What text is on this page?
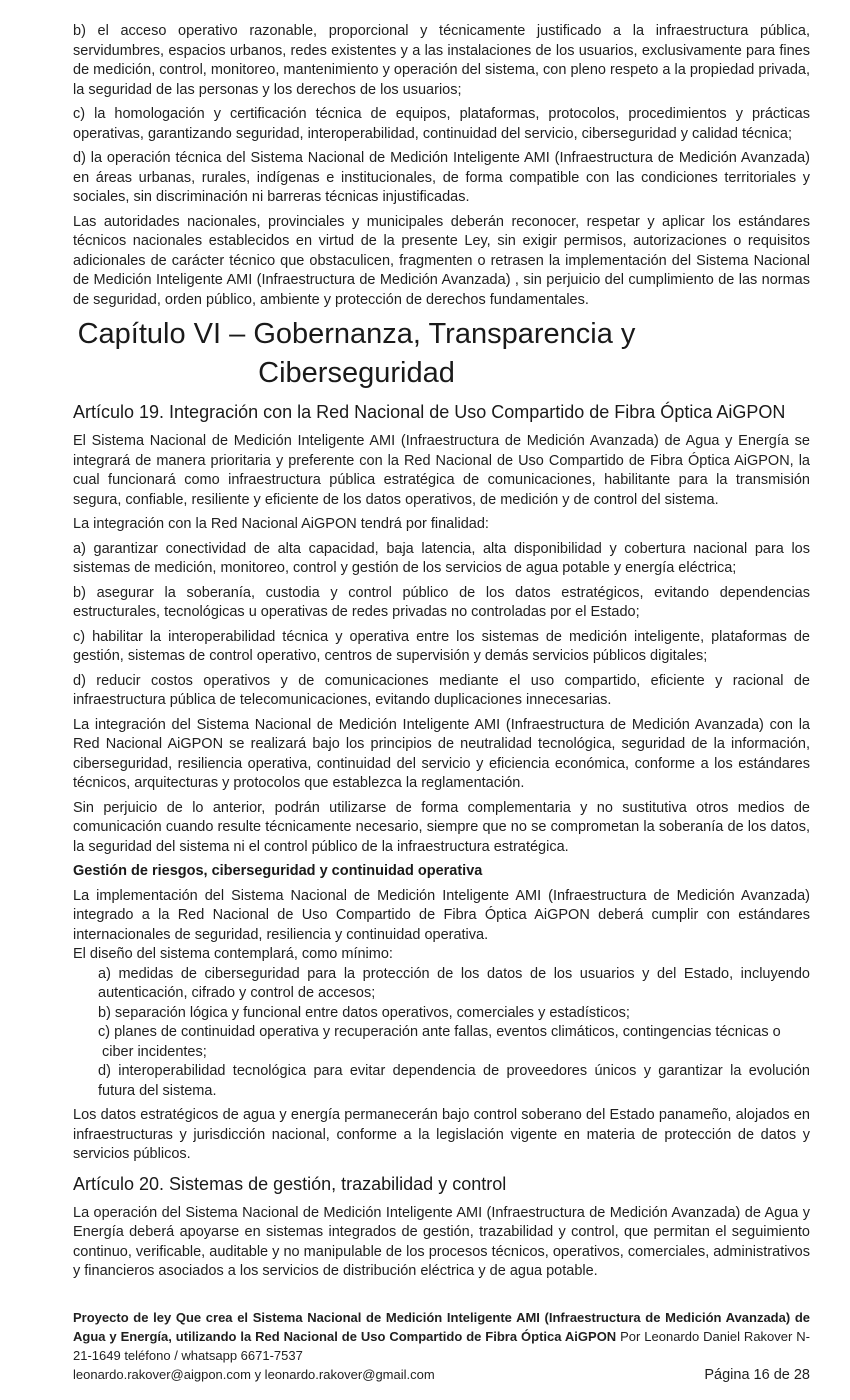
b) el acceso operativo razonable, proporcional y técnicamente justificado a la infraestructura pública, servidumbres, espacios urbanos, redes existentes y a las instalaciones de los usuarios, exclusivamente para fines de medición, control, monitoreo, mantenimiento y operación del sistema, con pleno respeto a la propiedad privada, la seguridad de las personas y los derechos de los usuarios;

c) la homologación y certificación técnica de equipos, plataformas, protocolos, procedimientos y prácticas operativas, garantizando seguridad, interoperabilidad, continuidad del servicio, ciberseguridad y calidad técnica;

d) la operación técnica del Sistema Nacional de Medición Inteligente AMI (Infraestructura de Medición Avanzada) en áreas urbanas, rurales, indígenas e institucionales, de forma compatible con las condiciones territoriales y sociales, sin discriminación ni barreras técnicas injustificadas.

Las autoridades nacionales, provinciales y municipales deberán reconocer, respetar y aplicar los estándares técnicos nacionales establecidos en virtud de la presente Ley, sin exigir permisos, autorizaciones o requisitos adicionales de carácter técnico que obstaculicen, fragmenten o retrasen la implementación del Sistema Nacional de Medición Inteligente AMI (Infraestructura de Medición Avanzada) , sin perjuicio del cumplimiento de las normas de seguridad, orden público, ambiente y protección de derechos fundamentales.

Capítulo VI – Gobernanza, Transparencia y
Ciberseguridad
Artículo 19. Integración con la Red Nacional de Uso Compartido de Fibra Óptica AiGPON

El Sistema Nacional de Medición Inteligente AMI (Infraestructura de Medición Avanzada) de Agua y Energía se integrará de manera prioritaria y preferente con la Red Nacional de Uso Compartido de Fibra Óptica AiGPON, la cual funcionará como infraestructura pública estratégica de comunicaciones, habilitante para la transmisión segura, confiable, resiliente y eficiente de los datos operativos, de medición y de control del sistema.

La integración con la Red Nacional AiGPON tendrá por finalidad:

a) garantizar conectividad de alta capacidad, baja latencia, alta disponibilidad y cobertura nacional para los sistemas de medición, monitoreo, control y gestión de los servicios de agua potable y energía eléctrica;

b) asegurar la soberanía, custodia y control público de los datos estratégicos, evitando dependencias estructurales, tecnológicas u operativas de redes privadas no controladas por el Estado;

c) habilitar la interoperabilidad técnica y operativa entre los sistemas de medición inteligente, plataformas de gestión, sistemas de control operativo, centros de supervisión y demás servicios públicos digitales;

d) reducir costos operativos y de comunicaciones mediante el uso compartido, eficiente y racional de infraestructura pública de telecomunicaciones, evitando duplicaciones innecesarias.

La integración del Sistema Nacional de Medición Inteligente AMI (Infraestructura de Medición Avanzada) con la Red Nacional AiGPON se realizará bajo los principios de neutralidad tecnológica, seguridad de la información, ciberseguridad, resiliencia operativa, continuidad del servicio y eficiencia económica, conforme a los estándares técnicos, arquitecturas y protocolos que establezca la reglamentación.

Sin perjuicio de lo anterior, podrán utilizarse de forma complementaria y no sustitutiva otros medios de comunicación cuando resulte técnicamente necesario, siempre que no se comprometan la soberanía de los datos, la seguridad del sistema ni el control público de la infraestructura estratégica.

Gestión de riesgos, ciberseguridad y continuidad operativa

La implementación del Sistema Nacional de Medición Inteligente AMI (Infraestructura de Medición Avanzada) integrado a la Red Nacional de Uso Compartido de Fibra Óptica AiGPON deberá cumplir con estándares internacionales de seguridad, resiliencia y continuidad operativa.

El diseño del sistema contemplará, como mínimo:
a) medidas de ciberseguridad para la protección de los datos de los usuarios y del Estado, incluyendo autenticación, cifrado y control de accesos;
b) separación lógica y funcional entre datos operativos, comerciales y estadísticos;
c) planes de continuidad operativa y recuperación ante fallas, eventos climáticos, contingencias técnicas o
ciber incidentes;
d) interoperabilidad tecnológica para evitar dependencia de proveedores únicos y garantizar la evolución futura del sistema.

Los datos estratégicos de agua y energía permanecerán bajo control soberano del Estado panameño, alojados en infraestructuras y jurisdicción nacional, conforme a la legislación vigente en materia de protección de datos y servicios públicos.

Artículo 20. Sistemas de gestión, trazabilidad y control

La operación del Sistema Nacional de Medición Inteligente AMI (Infraestructura de Medición Avanzada) de Agua y Energía deberá apoyarse en sistemas integrados de gestión, trazabilidad y control, que permitan el seguimiento continuo, verificable, auditable y no manipulable de los procesos técnicos, operativos, comerciales, administrativos y financieros asociados a los servicios de distribución eléctrica y de agua potable.

Proyecto de ley Que crea el Sistema Nacional de Medición Inteligente AMI (Infraestructura de Medición Avanzada) de Agua y Energía, utilizando la Red Nacional de Uso Compartido de Fibra Óptica AiGPON Por Leonardo Daniel Rakover N-21-1649 teléfono / whatsapp 6671-7537
leonardo.rakover@aigpon.com y leonardo.rakover@gmail.com	Página 16 de 28
